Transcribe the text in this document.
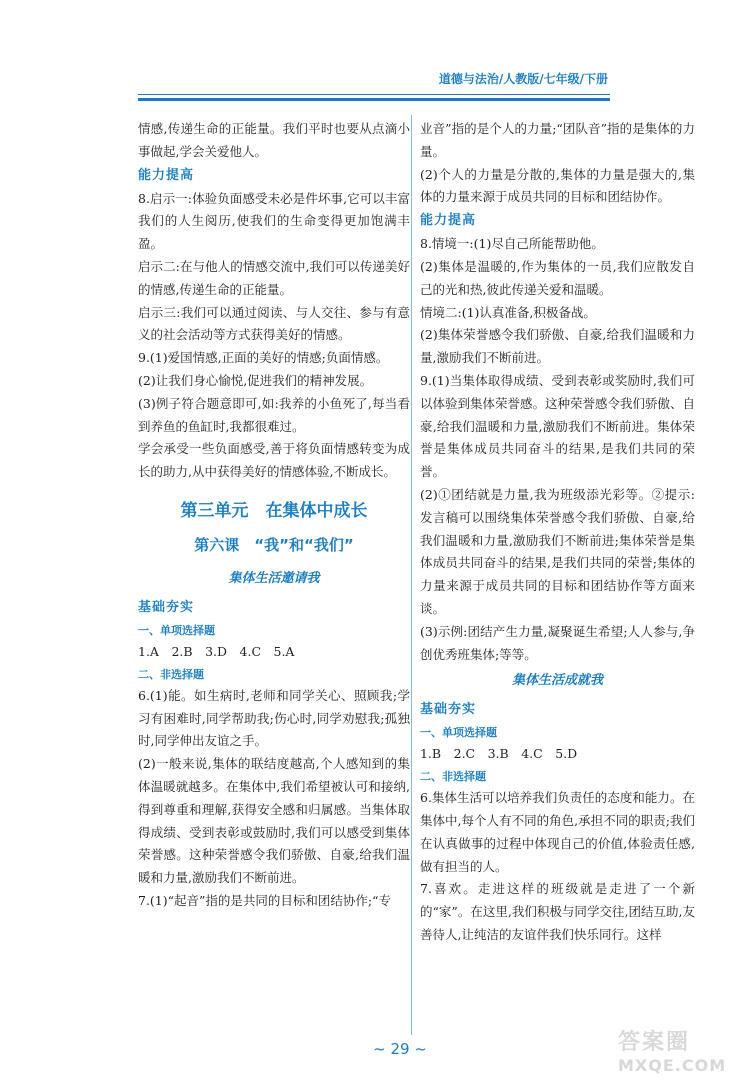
道德与法治/人教版/七年级/下册

情感,传递生命的正能量。我们平时也要从点滴小事做起,学会关爱他人。

能力提高

8.启示一:体验负面感受未必是件坏事,它可以丰富我们的人生阅历,使我们的生命变得更加饱满丰盈。

启示二:在与他人的情感交流中,我们可以传递美好的情感,传递生命的正能量。

启示三:我们可以通过阅读、与人交往、参与有意义的社会活动等方式获得美好的情感。

9.(1)爱国情感,正面的美好的情感;负面情感。

(2)让我们身心愉悦,促进我们的精神发展。

(3)例子符合题意即可,如:我养的小鱼死了,每当看到养鱼的鱼缸时,我都很难过。

学会承受一些负面感受,善于将负面情感转变为成长的助力,从中获得美好的情感体验,不断成长。

第三单元　在集体中成长
第六课　“我”和“我们”
集体生活邀请我

基础夯实

一、单项选择题

1.A　2.B　3.D　4.C　5.A

二、非选择题

6.(1)能。如生病时,老师和同学关心、照顾我;学习有困难时,同学帮助我;伤心时,同学劝慰我;孤独时,同学伸出友谊之手。

(2)一般来说,集体的联结度越高,个人感知到的集体温暖就越多。在集体中,我们希望被认可和接纳,得到尊重和理解,获得安全感和归属感。当集体取得成绩、受到表彰或鼓励时,我们可以感受到集体荣誉感。这种荣誉感令我们骄傲、自豪,给我们温暖和力量,激励我们不断前进。

7.(1)“起音”指的是共同的目标和团结协作;“专

业音”指的是个人的力量;“团队音”指的是集体的力量。

(2)个人的力量是分散的,集体的力量是强大的,集体的力量来源于成员共同的目标和团结协作。

能力提高

8.情境一:(1)尽自己所能帮助他。

(2)集体是温暖的,作为集体的一员,我们应散发自己的光和热,彼此传递关爱和温暖。

情境二:(1)认真准备,积极备战。

(2)集体荣誉感令我们骄傲、自豪,给我们温暖和力量,激励我们不断前进。

9.(1)当集体取得成绩、受到表彰或奖励时,我们可以体验到集体荣誉感。这种荣誉感令我们骄傲、自豪,给我们温暖和力量,激励我们不断前进。集体荣誉是集体成员共同奋斗的结果,是我们共同的荣誉。

(2)①团结就是力量,我为班级添光彩等。②提示:发言稿可以围绕集体荣誉感令我们骄傲、自豪,给我们温暖和力量,激励我们不断前进;集体荣誉是集体成员共同奋斗的结果,是我们共同的荣誉;集体的力量来源于成员共同的目标和团结协作等方面来谈。

(3)示例:团结产生力量,凝聚诞生希望;人人参与,争创优秀班集体;等等。

集体生活成就我

基础夯实

一、单项选择题

1.B　2.C　3.B　4.C　5.D

二、非选择题

6.集体生活可以培养我们负责任的态度和能力。在集体中,每个人有不同的角色,承担不同的职责;我们在认真做事的过程中体现自己的价值,体验责任感,做有担当的人。

7.喜欢。走进这样的班级就是走进了一个新的“家”。在这里,我们积极与同学交往,团结互助,友善待人,让纯洁的友谊伴我们快乐同行。这样

~ 29 ~	答案圈
MXQE.COM
